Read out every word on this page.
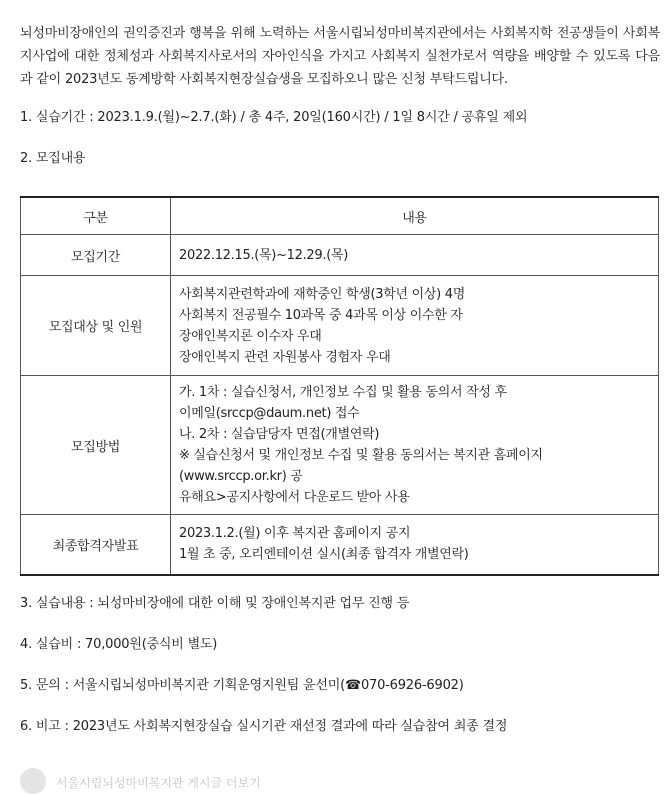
뇌성마비장애인의 권익증진과 행복을 위해 노력하는 서울시립뇌성마비복지관에서는 사회복지학 전공생들이 사회복지사업에 대한 정체성과 사회복지사로서의 자아인식을 가지고 사회복지 실천가로서 역량을 배양할 수 있도록 다음과 같이 2023년도 동계방학 사회복지현장실습생을 모집하오니 많은 신청 부탁드립니다.

1. 실습기간 : 2023.1.9.(월)~2.7.(화) / 총 4주, 20일(160시간) / 1일 8시간 / 공휴일 제외

2. 모집내용

구분	내용
모집기간	2022.12.15.(목)~12.29.(목)

모집대상 및 인원	사회복지관련학과에 재학중인 학생(3학년 이상) 4명
사회복지 전공필수 10과목 중 4과목 이상 이수한 자
장애인복지론 이수자 우대
장애인복지 관련 자원봉사 경험자 우대

모집방법	가. 1차 : 실습신청서, 개인정보 수집 및 활용 동의서 작성 후
이메일(srccp@daum.net) 접수
나. 2차 : 실습담당자 면접(개별연락)
※ 실습신청서 및 개인정보 수집 및 활용 동의서는 복지관 홈페이지(www.srccp.or.kr) 공
유해요>공지사항에서 다운로드 받아 사용

최종합격자발표	2023.1.2.(월) 이후 복지관 홈페이지 공지
1월 초 중, 오리엔테이션 실시(최종 합격자 개별연락)

3. 실습내용 : 뇌성마비장애에 대한 이해 및 장애인복지관 업무 진행 등

4. 실습비 : 70,000원(중식비 별도)

5. 문의 : 서울시립뇌성마비복지관 기획운영지원팀 윤선미(☎070-6926-6902)

6. 비고 : 2023년도 사회복지현장실습 실시기관 재선정 결과에 따라 실습참여 최종 결정

서울시립뇌성마비복지관 게시글 더보기
